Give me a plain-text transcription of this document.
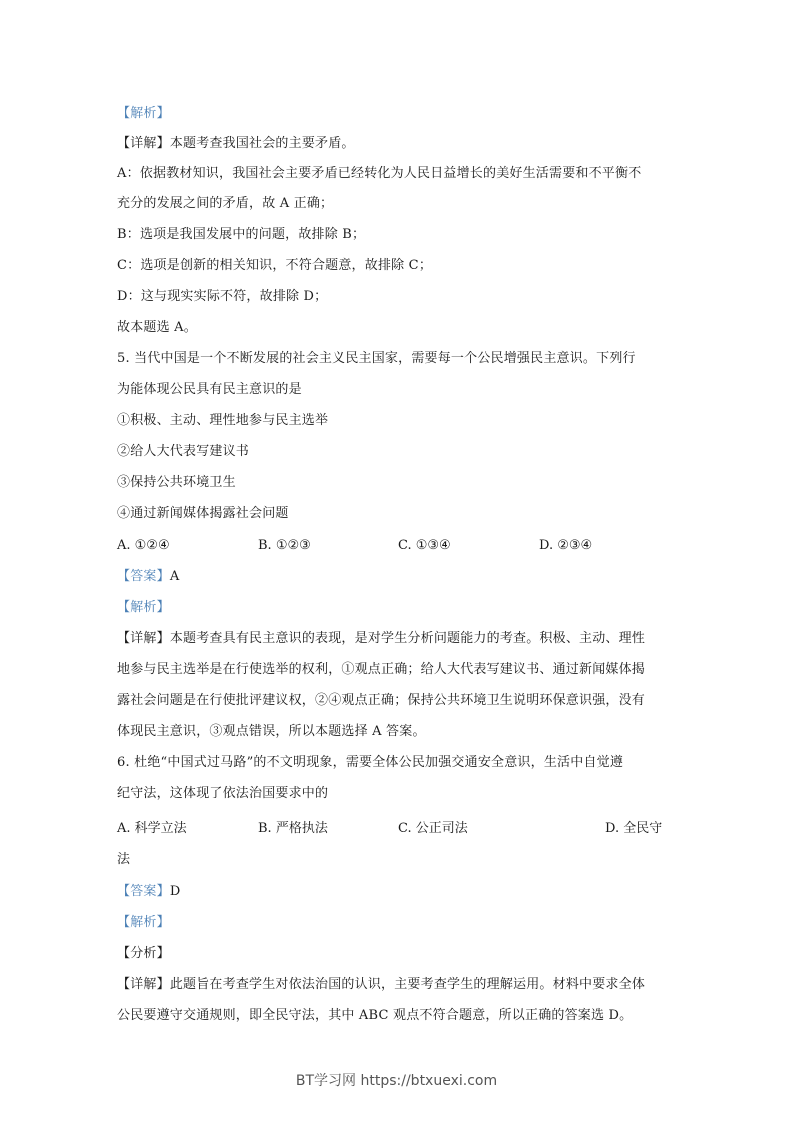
【解析】
【详解】本题考查我国社会的主要矛盾。
A：依据教材知识，我国社会主要矛盾已经转化为人民日益增长的美好生活需要和不平衡不
充分的发展之间的矛盾，故 A 正确；
B：选项是我国发展中的问题，故排除 B；
C：选项是创新的相关知识，不符合题意，故排除 C；
D：这与现实实际不符，故排除 D；
故本题选 A。
5. 当代中国是一个不断发展的社会主义民主国家，需要每一个公民增强民主意识。下列行
为能体现公民具有民主意识的是
①积极、主动、理性地参与民主选举
②给人大代表写建议书
③保持公共环境卫生
④通过新闻媒体揭露社会问题
A. ①②④	B. ①②③	C. ①③④	D. ②③④
【答案】A
【解析】
【详解】本题考查具有民主意识的表现，是对学生分析问题能力的考查。积极、主动、理性
地参与民主选举是在行使选举的权利，①观点正确；给人大代表写建议书、通过新闻媒体揭
露社会问题是在行使批评建议权，②④观点正确；保持公共环境卫生说明环保意识强，没有
体现民主意识，③观点错误，所以本题选择 A 答案。
6. 杜绝“中国式过马路”的不文明现象，需要全体公民加强交通安全意识，生活中自觉遵
纪守法，这体现了依法治国要求中的
A. 科学立法	B. 严格执法	C. 公正司法	D. 全民守
法
【答案】D
【解析】
【分析】
【详解】此题旨在考查学生对依法治国的认识，主要考查学生的理解运用。材料中要求全体
公民要遵守交通规则，即全民守法，其中 ABC 观点不符合题意，所以正确的答案选 D。
BT学习网 https://btxuexi.com
